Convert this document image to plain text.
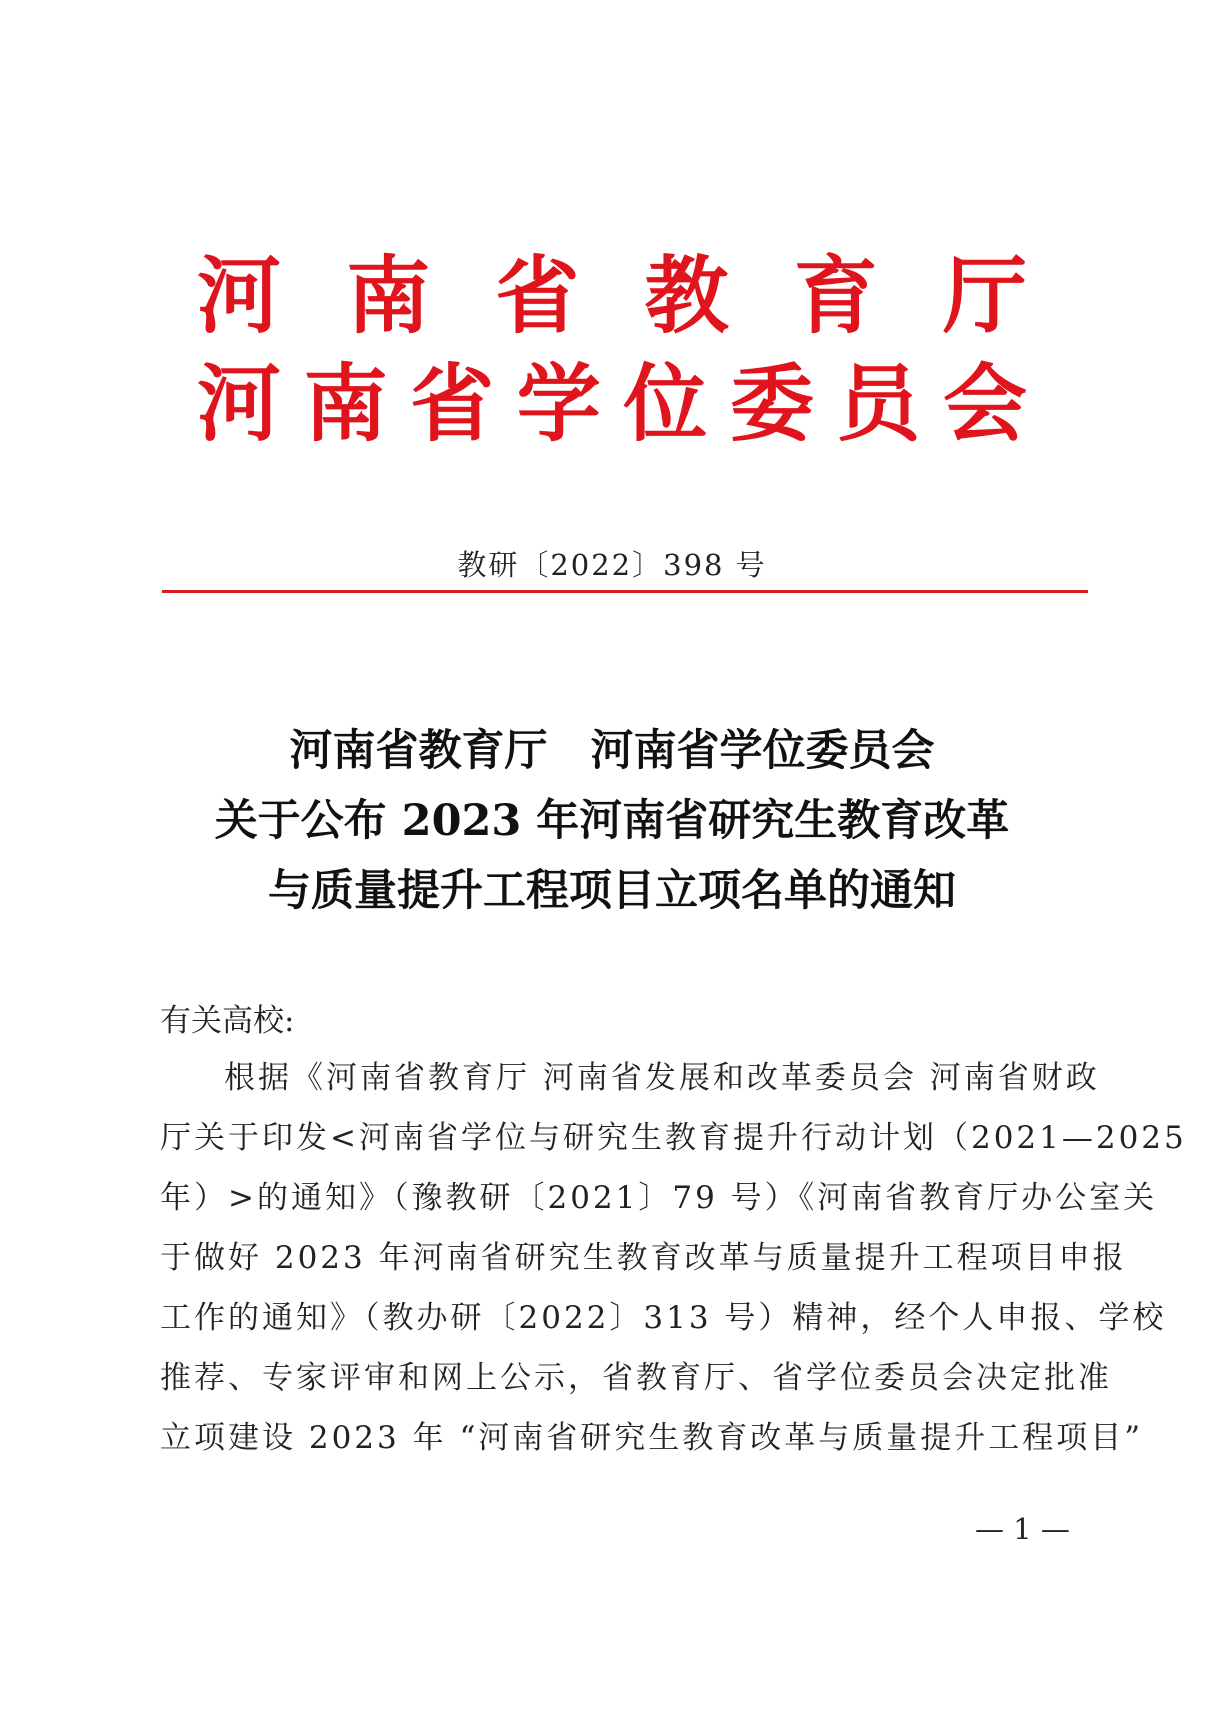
河 南 省 教 育 厅
河 南 省 学 位 委 员 会
教研〔2022〕398 号
河南省教育厅　河南省学位委员会
关于公布 2023 年河南省研究生教育改革
与质量提升工程项目立项名单的通知
有关高校:
根据《河南省教育厅 河南省发展和改革委员会 河南省财政
厅关于印发<河南省学位与研究生教育提升行动计划（2021—2025
年）>的通知》（豫教研〔2021〕79 号）《河南省教育厅办公室关
于做好 2023 年河南省研究生教育改革与质量提升工程项目申报
工作的通知》（教办研〔2022〕313 号）精神，经个人申报、学校
推荐、专家评审和网上公示，省教育厅、省学位委员会决定批准
立项建设 2023 年 “河南省研究生教育改革与质量提升工程项目”
— 1 —
